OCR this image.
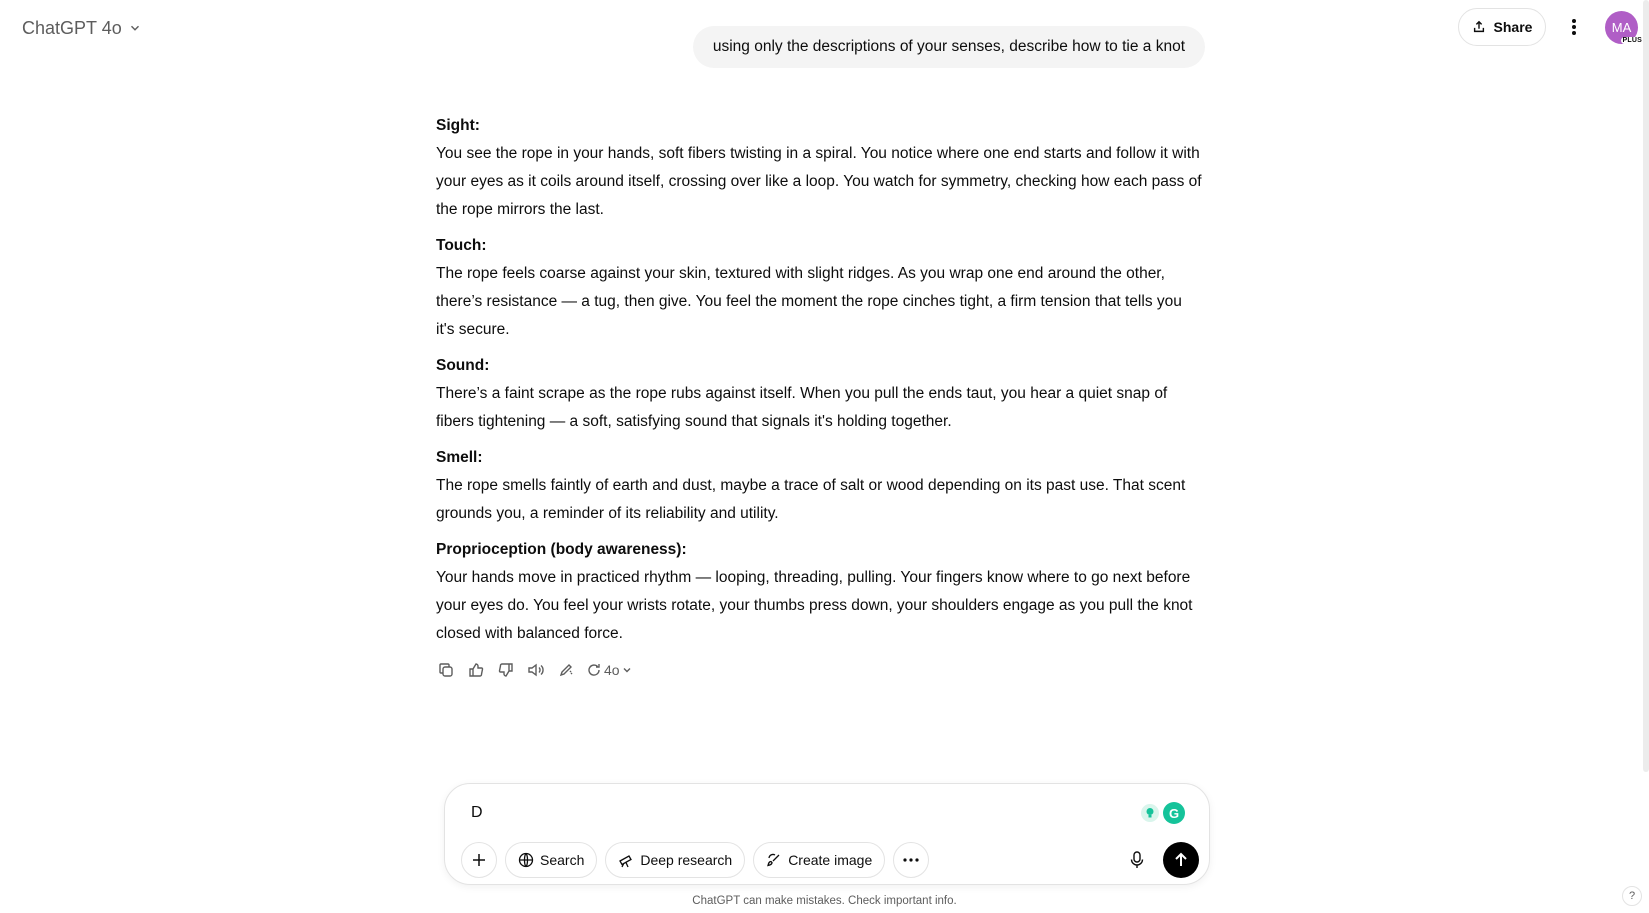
ChatGPT 4o	Share	MA
PLUS
using only the descriptions of your senses, describe how to tie a knot
Sight:
You see the rope in your hands, soft fibers twisting in a spiral. You notice where one end starts and follow it with your eyes as it coils around itself, crossing over like a loop. You watch for symmetry, checking how each pass of the rope mirrors the last.
Touch:
The rope feels coarse against your skin, textured with slight ridges. As you wrap one end around the other, there’s resistance — a tug, then give. You feel the moment the rope cinches tight, a firm tension that tells you it's secure.
Sound:
There’s a faint scrape as the rope rubs against itself. When you pull the ends taut, you hear a quiet snap of fibers tightening — a soft, satisfying sound that signals it's holding together.
Smell:
The rope smells faintly of earth and dust, maybe a trace of salt or wood depending on its past use. That scent grounds you, a reminder of its reliability and utility.
Proprioception (body awareness):
Your hands move in practiced rhythm — looping, threading, pulling. Your fingers know where to go next before your eyes do. You feel your wrists rotate, your thumbs press down, your shoulders engage as you pull the knot closed with balanced force.
4o
D
G
Search	Deep research	Create image
ChatGPT can make mistakes. Check important info.	?
